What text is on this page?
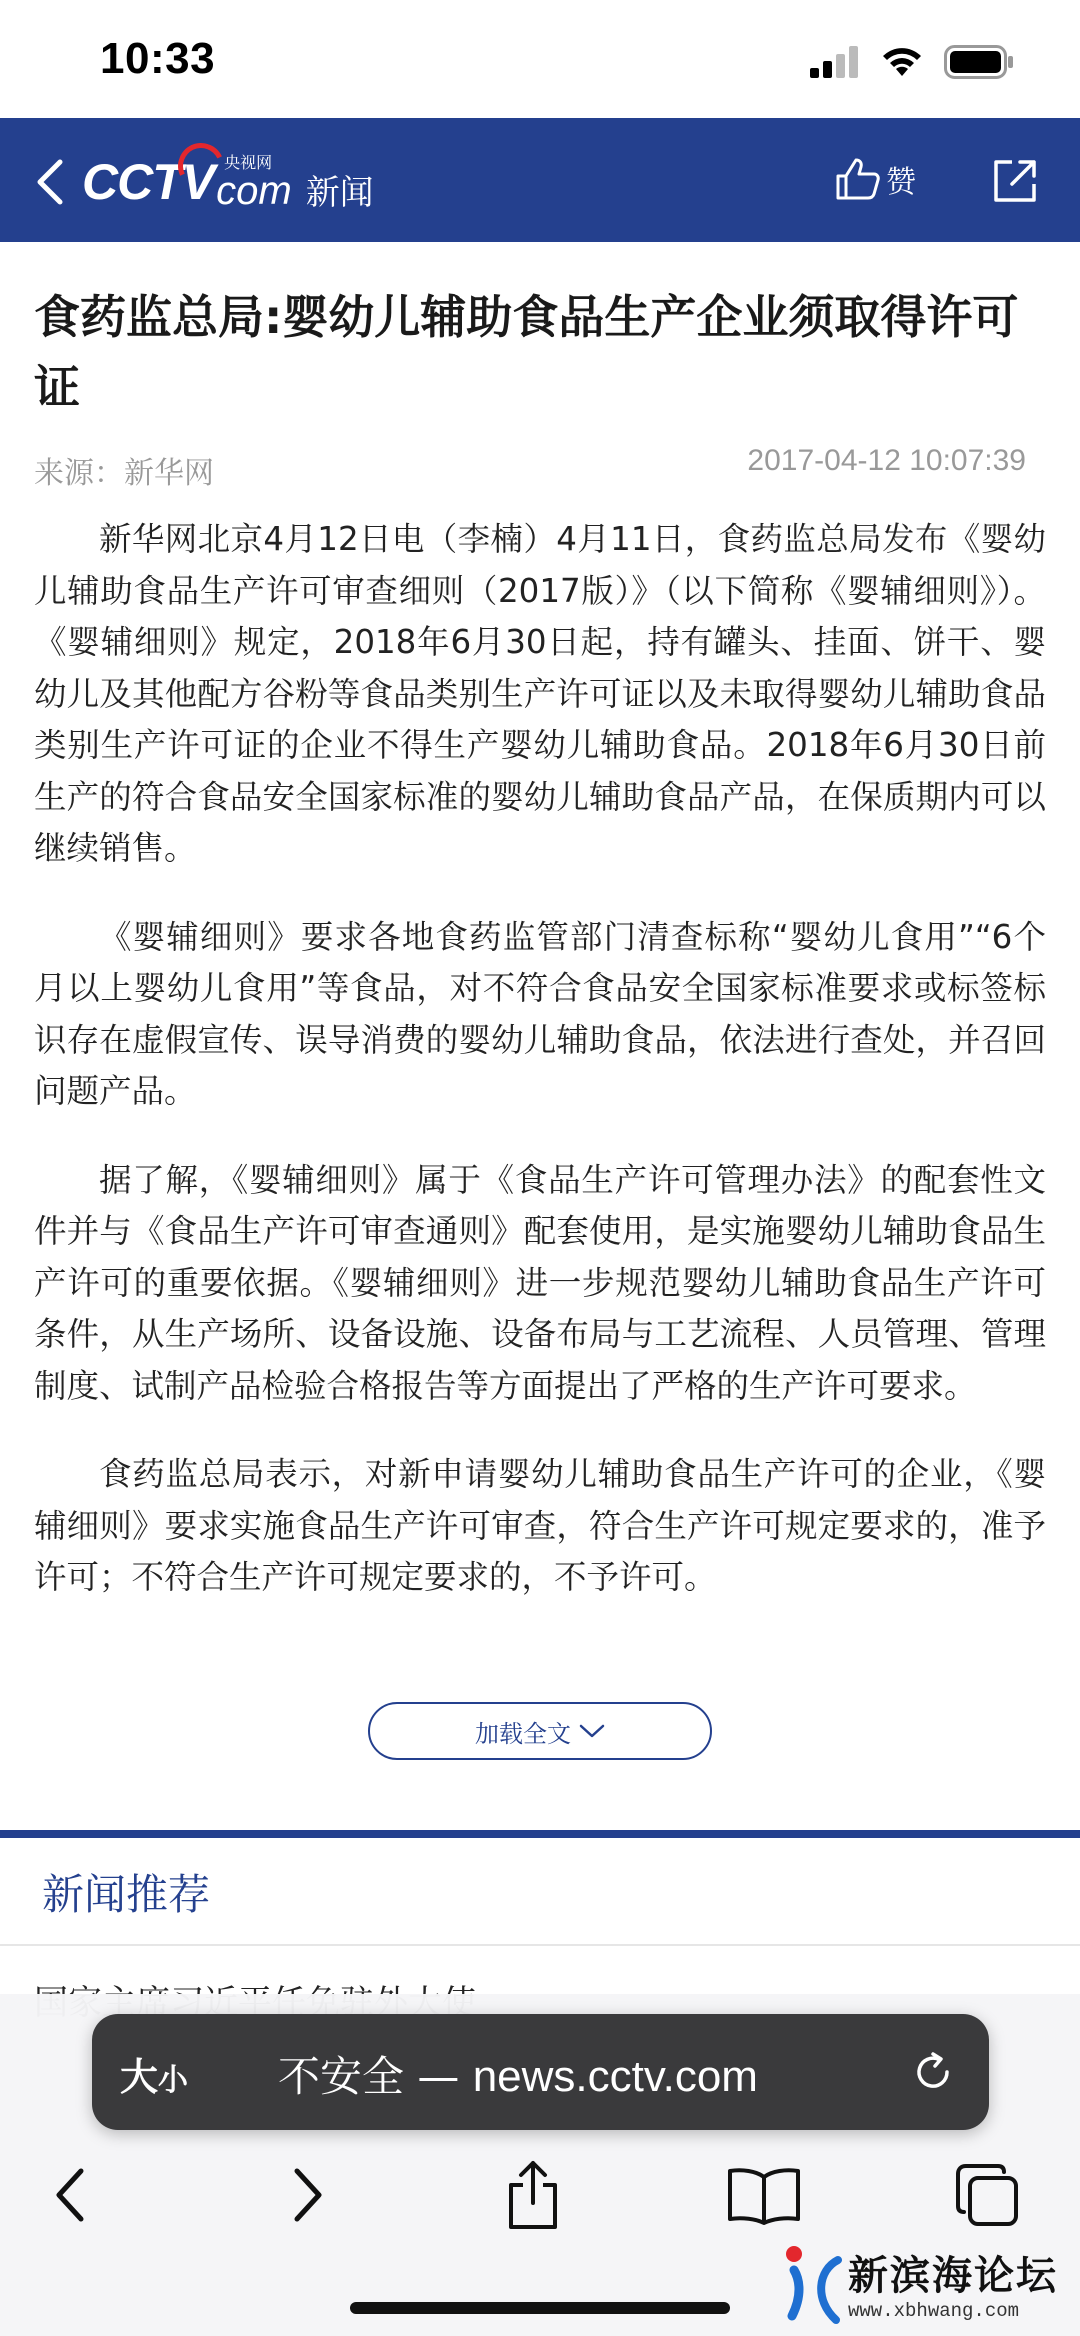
10:33
CCTV 央视网
com 新闻	赞
食药监总局:婴幼儿辅助食品生产企业须取得许可证
来源：新华网	2017-04-12 10:07:39

新华网北京4月12日电（李楠）4月11日，食药监总局发布《婴幼儿辅助食品生产许可审查细则（2017版）》（以下简称《婴辅细则》）。《婴辅细则》规定，2018年6月30日起，持有罐头、挂面、饼干、婴幼儿及其他配方谷粉等食品类别生产许可证以及未取得婴幼儿辅助食品类别生产许可证的企业不得生产婴幼儿辅助食品。2018年6月30日前生产的符合食品安全国家标准的婴幼儿辅助食品产品，在保质期内可以继续销售。

《婴辅细则》要求各地食药监管部门清查标称“婴幼儿食用”“6个月以上婴幼儿食用”等食品，对不符合食品安全国家标准要求或标签标识存在虚假宣传、误导消费的婴幼儿辅助食品，依法进行查处，并召回问题产品。

据了解，《婴辅细则》属于《食品生产许可管理办法》的配套性文件并与《食品生产许可审查通则》配套使用，是实施婴幼儿辅助食品生产许可的重要依据。《婴辅细则》进一步规范婴幼儿辅助食品生产许可条件，从生产场所、设备设施、设备布局与工艺流程、人员管理、管理制度、试制产品检验合格报告等方面提出了严格的生产许可要求。

食药监总局表示，对新申请婴幼儿辅助食品生产许可的企业，《婴辅细则》要求实施食品生产许可审查，符合生产许可规定要求的，准予许可；不符合生产许可规定要求的，不予许可。

加载全文
新闻推荐
大小 不安全 — news.cctv.com
新滨海论坛
www.xbhwang.com
